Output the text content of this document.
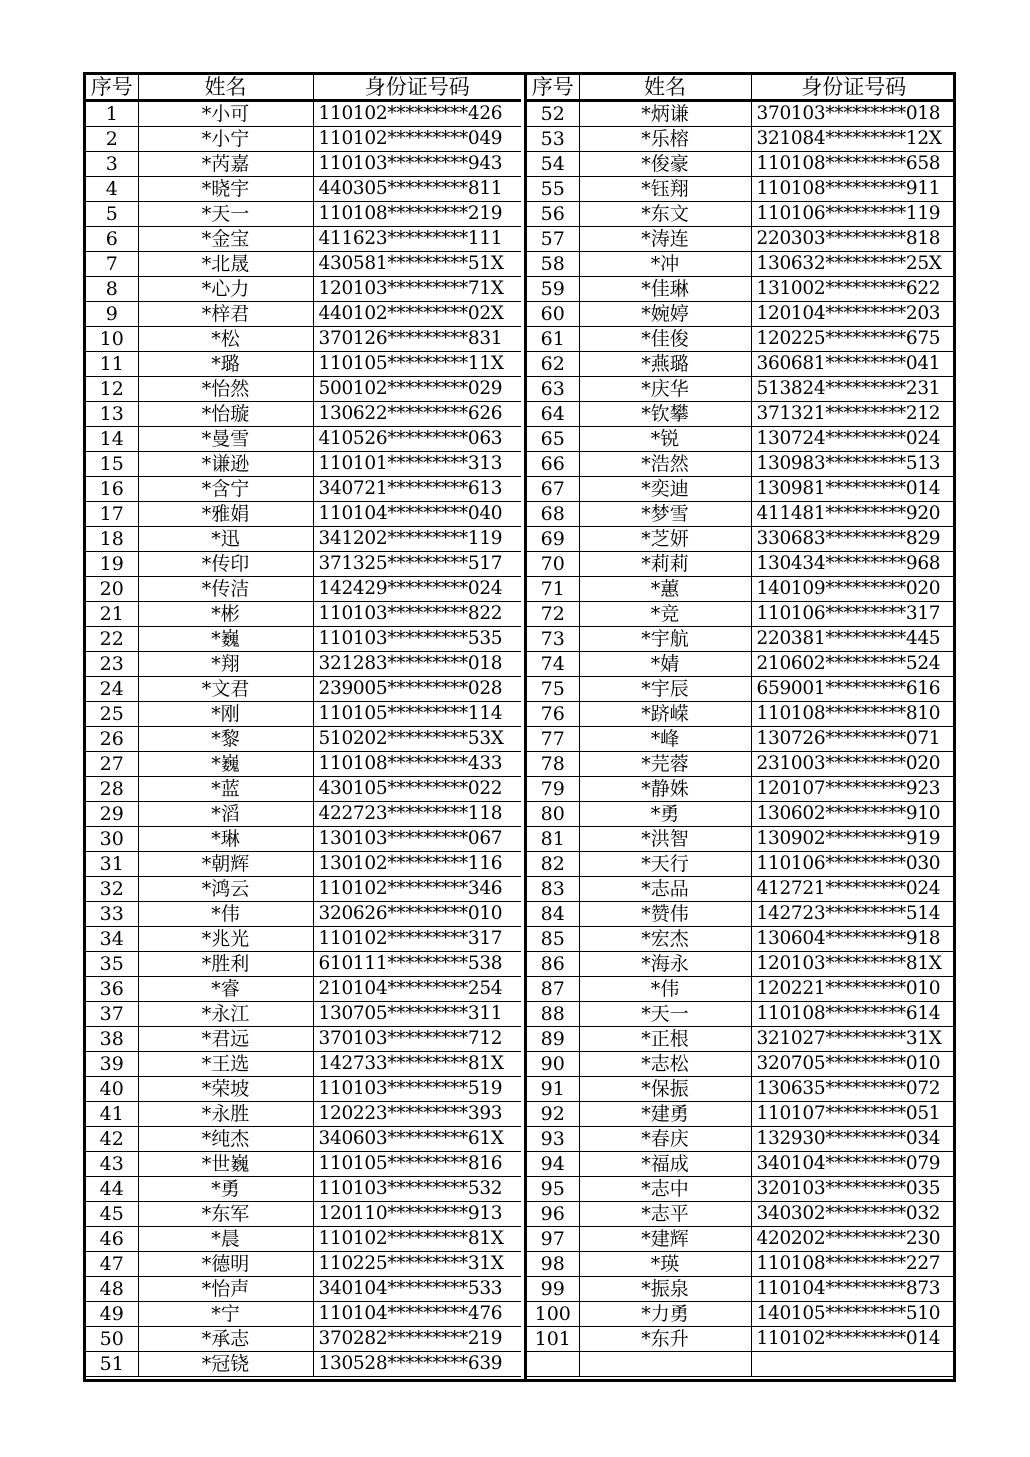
序号	姓名	身份证号码
1	*小可	110102*********426
2	*小宁	110102*********049
3	*芮嘉	110103*********943
4	*晓宇	440305*********811
5	*天一	110108*********219
6	*金宝	411623*********111
7	*北晟	430581*********51X
8	*心力	120103*********71X
9	*梓君	440102*********02X
10	*松	370126*********831
11	*璐	110105*********11X
12	*怡然	500102*********029
13	*怡璇	130622*********626
14	*曼雪	410526*********063
15	*谦逊	110101*********313
16	*含宁	340721*********613
17	*雅娟	110104*********040
18	*迅	341202*********119
19	*传印	371325*********517
20	*传洁	142429*********024
21	*彬	110103*********822
22	*巍	110103*********535
23	*翔	321283*********018
24	*文君	239005*********028
25	*刚	110105*********114
26	*黎	510202*********53X
27	*巍	110108*********433
28	*蓝	430105*********022
29	*滔	422723*********118
30	*琳	130103*********067
31	*朝辉	130102*********116
32	*鸿云	110102*********346
33	*伟	320626*********010
34	*兆光	110102*********317
35	*胜利	610111*********538
36	*睿	210104*********254
37	*永江	130705*********311
38	*君远	370103*********712
39	*王选	142733*********81X
40	*荣坡	110103*********519
41	*永胜	120223*********393
42	*纯杰	340603*********61X
43	*世巍	110105*********816
44	*勇	110103*********532
45	*东军	120110*********913
46	*晨	110102*********81X
47	*德明	110225*********31X
48	*怡声	340104*********533
49	*宁	110104*********476
50	*承志	370282*********219
51	*冠铙	130528*********639
序号	姓名	身份证号码
52	*炳谦	370103*********018
53	*乐榕	321084*********12X
54	*俊豪	110108*********658
55	*钰翔	110108*********911
56	*东文	110106*********119
57	*涛连	220303*********818
58	*冲	130632*********25X
59	*佳琳	131002*********622
60	*婉婷	120104*********203
61	*佳俊	120225*********675
62	*燕璐	360681*********041
63	*庆华	513824*********231
64	*钦攀	371321*********212
65	*锐	130724*********024
66	*浩然	130983*********513
67	*奕迪	130981*********014
68	*梦雪	411481*********920
69	*芝妍	330683*********829
70	*莉莉	130434*********968
71	*蕙	140109*********020
72	*竞	110106*********317
73	*宇航	220381*********445
74	*婧	210602*********524
75	*宇辰	659001*********616
76	*跻嵘	110108*********810
77	*峰	130726*********071
78	*芫蓉	231003*********020
79	*静姝	120107*********923
80	*勇	130602*********910
81	*洪智	130902*********919
82	*天行	110106*********030
83	*志品	412721*********024
84	*赞伟	142723*********514
85	*宏杰	130604*********918
86	*海永	120103*********81X
87	*伟	120221*********010
88	*天一	110108*********614
89	*正根	321027*********31X
90	*志松	320705*********010
91	*保振	130635*********072
92	*建勇	110107*********051
93	*春庆	132930*********034
94	*福成	340104*********079
95	*志中	320103*********035
96	*志平	340302*********032
97	*建辉	420202*********230
98	*瑛	110108*********227
99	*振泉	110104*********873
100	*力勇	140105*********510
101	*东升	110102*********014
